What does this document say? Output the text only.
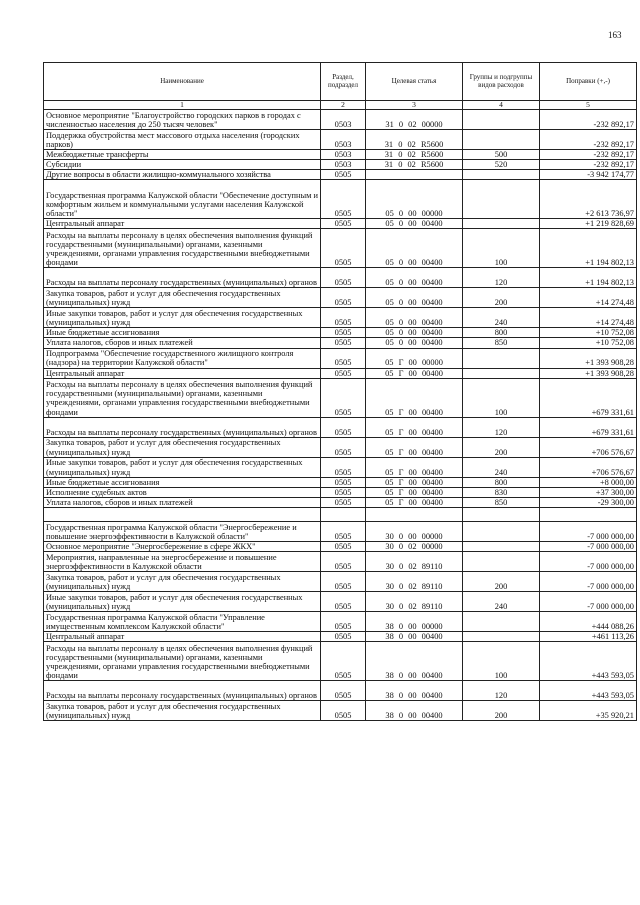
163
Наименование	Раздел, подраздел	Целевая статья	Группы и подгруппы видов расходов	Поправки (+,-)
1	2	3	4	5
Основное мероприятие "Благоустройство городских парков в городах с численностью населения до 250 тысяч человек"	0503	31 0 02 00000		-232 892,17
Поддержка обустройства мест массового отдыха населения (городских парков)	0503	31 0 02 R5600		-232 892,17
Межбюджетные трансферты	0503	31 0 02 R5600	500	-232 892,17
Субсидии	0503	31 0 02 R5600	520	-232 892,17
Другие вопросы в области жилищно-коммунального хозяйства	0505			-3 942 174,77
Государственная программа Калужской области "Обеспечение доступным и комфортным жильем и коммунальными услугами населения Калужской области"	0505	05 0 00 00000		+2 613 736,97
Центральный аппарат	0505	05 0 00 00400		+1 219 828,69
Расходы на выплаты персоналу в целях обеспечения выполнения функций государственными (муниципальными) органами, казенными учреждениями, органами управления государственными внебюджетными фондами	0505	05 0 00 00400	100	+1 194 802,13
Расходы на выплаты персоналу государственных (муниципальных) органов	0505	05 0 00 00400	120	+1 194 802,13
Закупка товаров, работ и услуг для обеспечения государственных (муниципальных) нужд	0505	05 0 00 00400	200	+14 274,48
Иные закупки товаров, работ и услуг для обеспечения государственных (муниципальных) нужд	0505	05 0 00 00400	240	+14 274,48
Иные бюджетные ассигнования	0505	05 0 00 00400	800	+10 752,08
Уплата налогов, сборов и иных платежей	0505	05 0 00 00400	850	+10 752,08
Подпрограмма "Обеспечение государственного жилищного контроля (надзора) на территории Калужской области"	0505	05 Г 00 00000		+1 393 908,28
Центральный аппарат	0505	05 Г 00 00400		+1 393 908,28
Расходы на выплаты персоналу в целях обеспечения выполнения функций государственными (муниципальными) органами, казенными учреждениями, органами управления государственными внебюджетными фондами	0505	05 Г 00 00400	100	+679 331,61
Расходы на выплаты персоналу государственных (муниципальных) органов	0505	05 Г 00 00400	120	+679 331,61
Закупка товаров, работ и услуг для обеспечения государственных (муниципальных) нужд	0505	05 Г 00 00400	200	+706 576,67
Иные закупки товаров, работ и услуг для обеспечения государственных (муниципальных) нужд	0505	05 Г 00 00400	240	+706 576,67
Иные бюджетные ассигнования	0505	05 Г 00 00400	800	+8 000,00
Исполнение судебных актов	0505	05 Г 00 00400	830	+37 300,00
Уплата налогов, сборов и иных платежей	0505	05 Г 00 00400	850	-29 300,00

Государственная программа Калужской области "Энергосбережение и повышение энергоэффективности в Калужской области"	0505	30 0 00 00000		-7 000 000,00
Основное мероприятие "Энергосбережение в сфере ЖКХ"	0505	30 0 02 00000		-7 000 000,00
Мероприятия, направленные на энергосбережение и повышение энергоэффективности в Калужской области	0505	30 0 02 89110		-7 000 000,00
Закупка товаров, работ и услуг для обеспечения государственных (муниципальных) нужд	0505	30 0 02 89110	200	-7 000 000,00
Иные закупки товаров, работ и услуг для обеспечения государственных (муниципальных) нужд	0505	30 0 02 89110	240	-7 000 000,00
Государственная программа Калужской области "Управление имущественным комплексом Калужской области"	0505	38 0 00 00000		+444 088,26
Центральный аппарат	0505	38 0 00 00400		+461 113,26
Расходы на выплаты персоналу в целях обеспечения выполнения функций государственными (муниципальными) органами, казенными учреждениями, органами управления государственными внебюджетными фондами	0505	38 0 00 00400	100	+443 593,05
Расходы на выплаты персоналу государственных (муниципальных) органов	0505	38 0 00 00400	120	+443 593,05
Закупка товаров, работ и услуг для обеспечения государственных (муниципальных) нужд	0505	38 0 00 00400	200	+35 920,21
